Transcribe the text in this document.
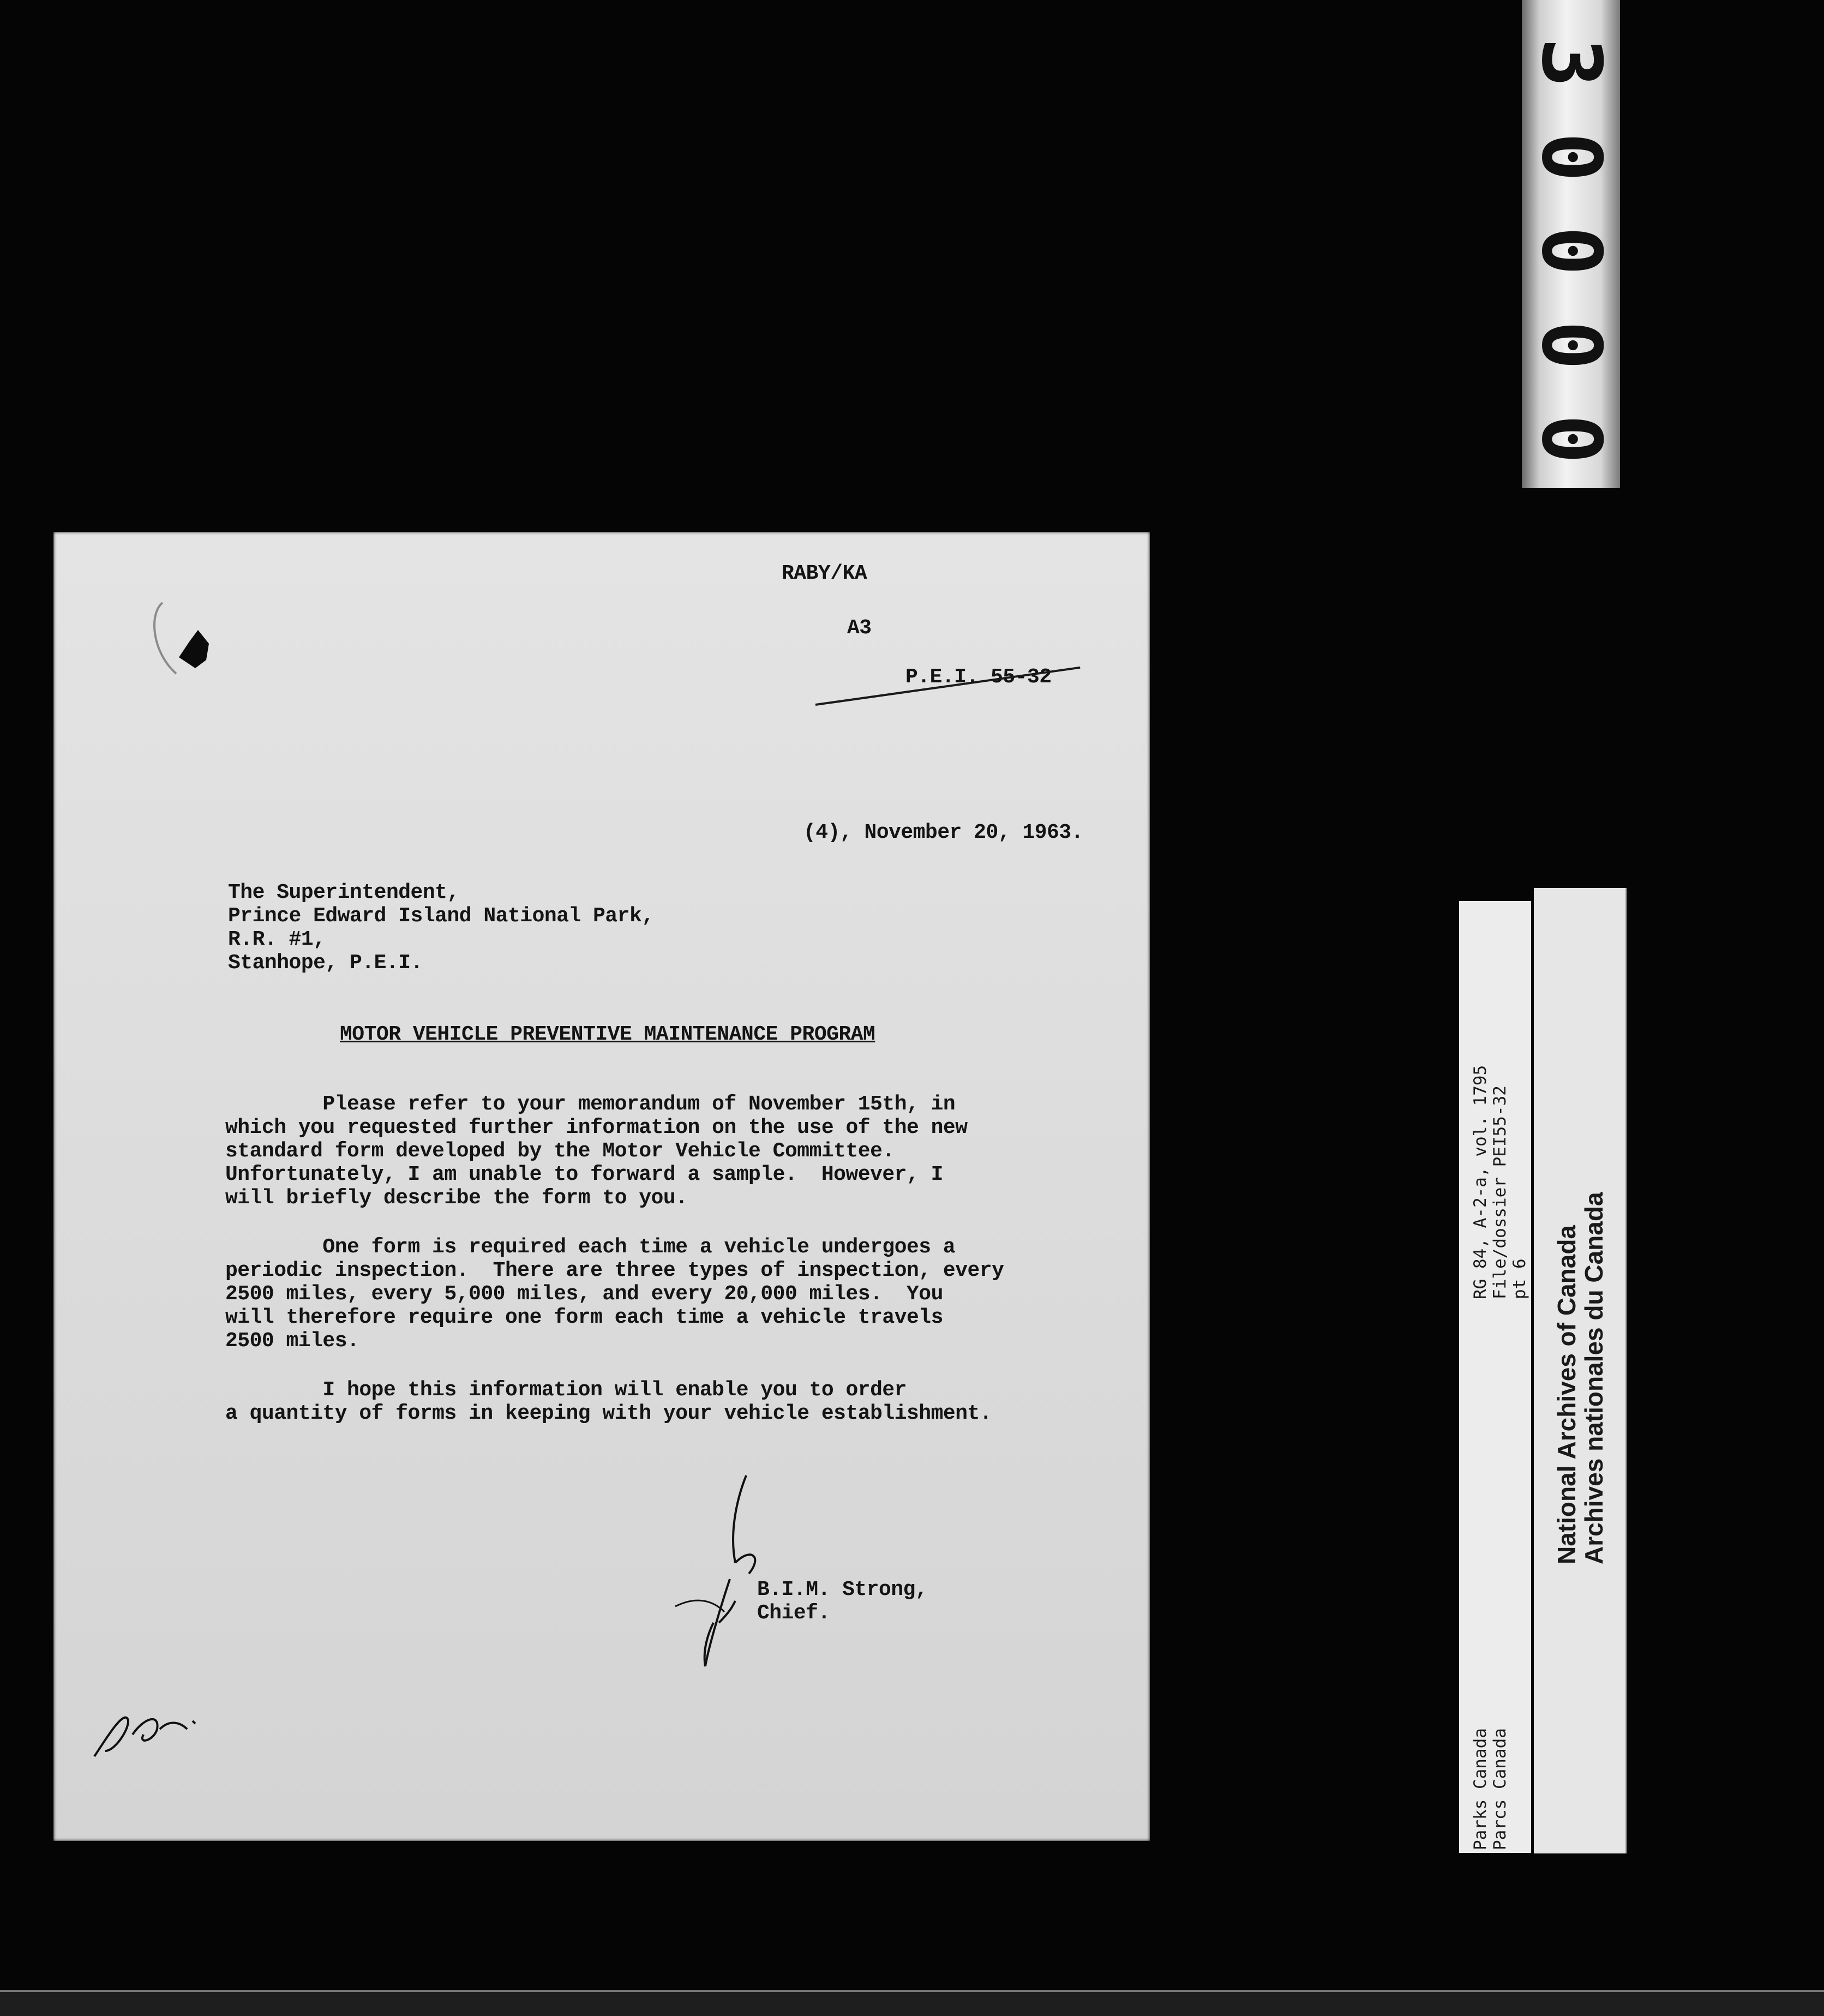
3
0
0
0
0
RABY/KA
A3
P.E.I. 55-32
(4), November 20, 1963.
The Superintendent,
Prince Edward Island National Park,
R.R. #1,
Stanhope, P.E.I.
MOTOR VEHICLE PREVENTIVE MAINTENANCE PROGRAM
Please refer to your memorandum of November 15th, in
which you requested further information on the use of the new
standard form developed by the Motor Vehicle Committee.
Unfortunately, I am unable to forward a sample.  However, I
will briefly describe the form to you.
One form is required each time a vehicle undergoes a
periodic inspection.  There are three types of inspection, every
2500 miles, every 5,000 miles, and every 20,000 miles.  You
will therefore require one form each time a vehicle travels
2500 miles.
I hope this information will enable you to order
a quantity of forms in keeping with your vehicle establishment.
B.I.M. Strong,
Chief.
RG 84, A-2-a, vol. 1795 File/dossier PEI55-32 pt 6
Parks Canada Parcs Canada
National Archives of Canada
Archives nationales du Canada
